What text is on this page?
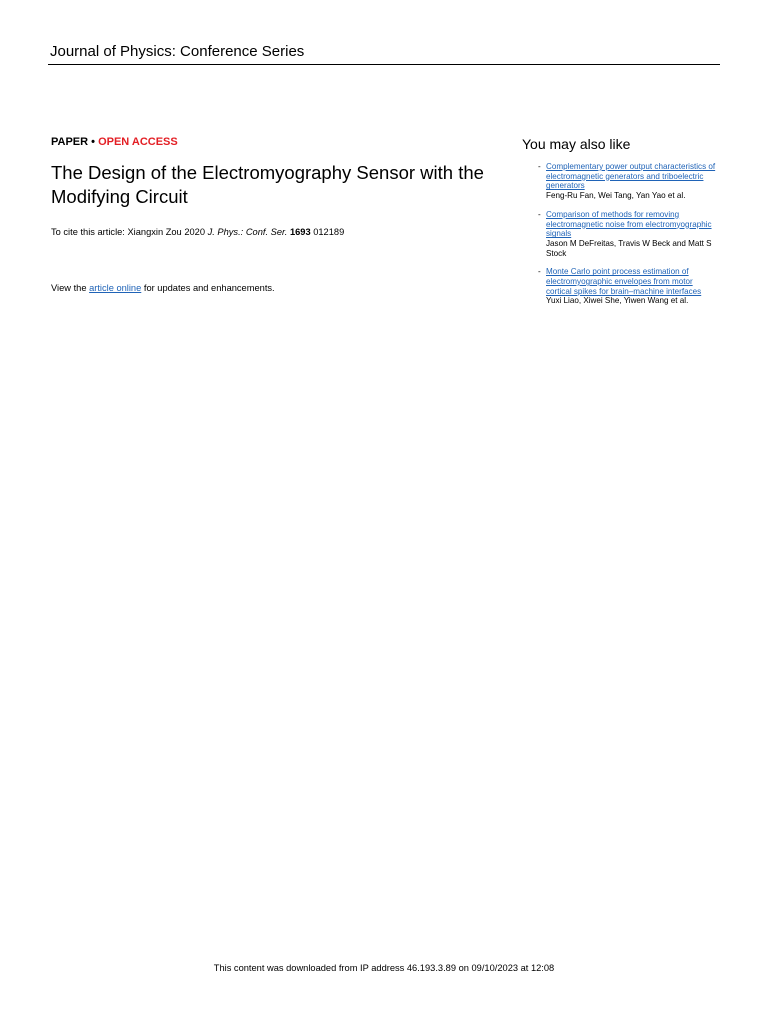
Journal of Physics: Conference Series
PAPER • OPEN ACCESS
The Design of the Electromyography Sensor with the Modifying Circuit
To cite this article: Xiangxin Zou 2020 J. Phys.: Conf. Ser. 1693 012189
View the article online for updates and enhancements.
You may also like
- Complementary power output characteristics of electromagnetic generators and triboelectric generators
Feng-Ru Fan, Wei Tang, Yan Yao et al.
- Comparison of methods for removing electromagnetic noise from electromyographic signals
Jason M DeFreitas, Travis W Beck and Matt S Stock
- Monte Carlo point process estimation of electromyographic envelopes from motor cortical spikes for brain–machine interfaces
Yuxi Liao, Xiwei She, Yiwen Wang et al.
This content was downloaded from IP address 46.193.3.89 on 09/10/2023 at 12:08
